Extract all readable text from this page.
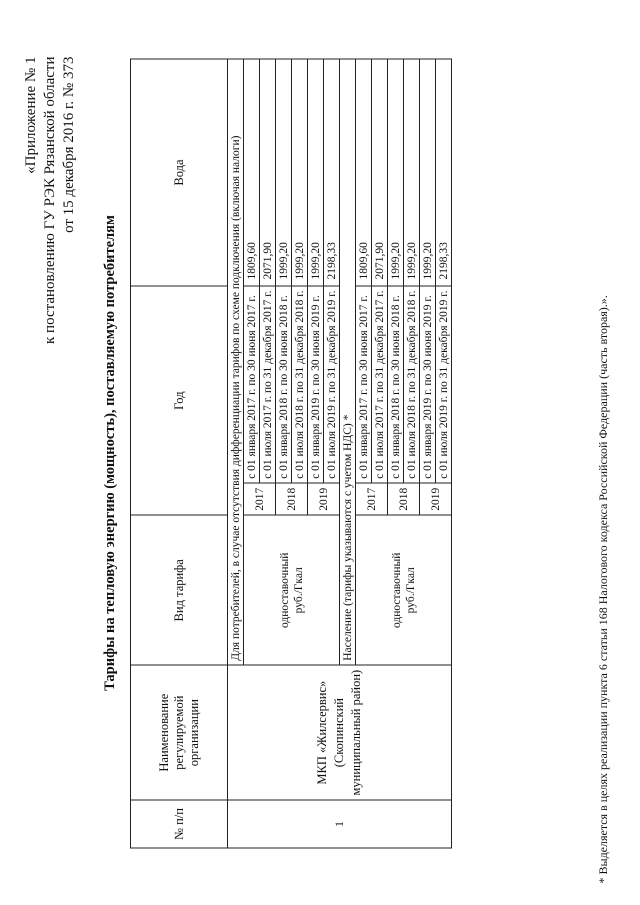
«Приложение № 1 к постановлению ГУ РЭК Рязанской области от 15 декабря 2016 г. № 373
Тарифы на тепловую энергию (мощность), поставляемую потребителям
№ п/п	Наименование регулируемой организации	Вид тарифа	Год		Вода
1	МКП «Жилсервис» (Скопинский муниципальный район)	Для потребителей, в случае отсутствия дифференциации тарифов по схеме подключения (включая налоги)			

		одноставочный руб./Гкал	2017	с 01 января 2017 г. по 30 июня 2017 г.	1809,60
				с 01 июля 2017 г. по 31 декабря 2017 г.	2071,90
			2018	с 01 января 2018 г. по 30 июня 2018 г.	1999,20
				с 01 июля 2018 г. по 31 декабря 2018 г.	1999,20
			2019	с 01 января 2019 г. по 30 июня 2019 г.	1999,20
				с 01 июля 2019 г. по 31 декабря 2019 г.	2198,33
		Население (тарифы указываются с учетом НДС) *			

		одноставочный руб./Гкал	2017	с 01 января 2017 г. по 30 июня 2017 г.	1809,60
				с 01 июля 2017 г. по 31 декабря 2017 г.	2071,90
			2018	с 01 января 2018 г. по 30 июня 2018 г.	1999,20
				с 01 июля 2018 г. по 31 декабря 2018 г.	1999,20
			2019	с 01 января 2019 г. по 30 июня 2019 г.	1999,20
				с 01 июля 2019 г. по 31 декабря 2019 г.	2198,33
* Выделяется в целях реализации пункта 6 статьи 168 Налогового кодекса Российской Федерации (часть вторая).».
